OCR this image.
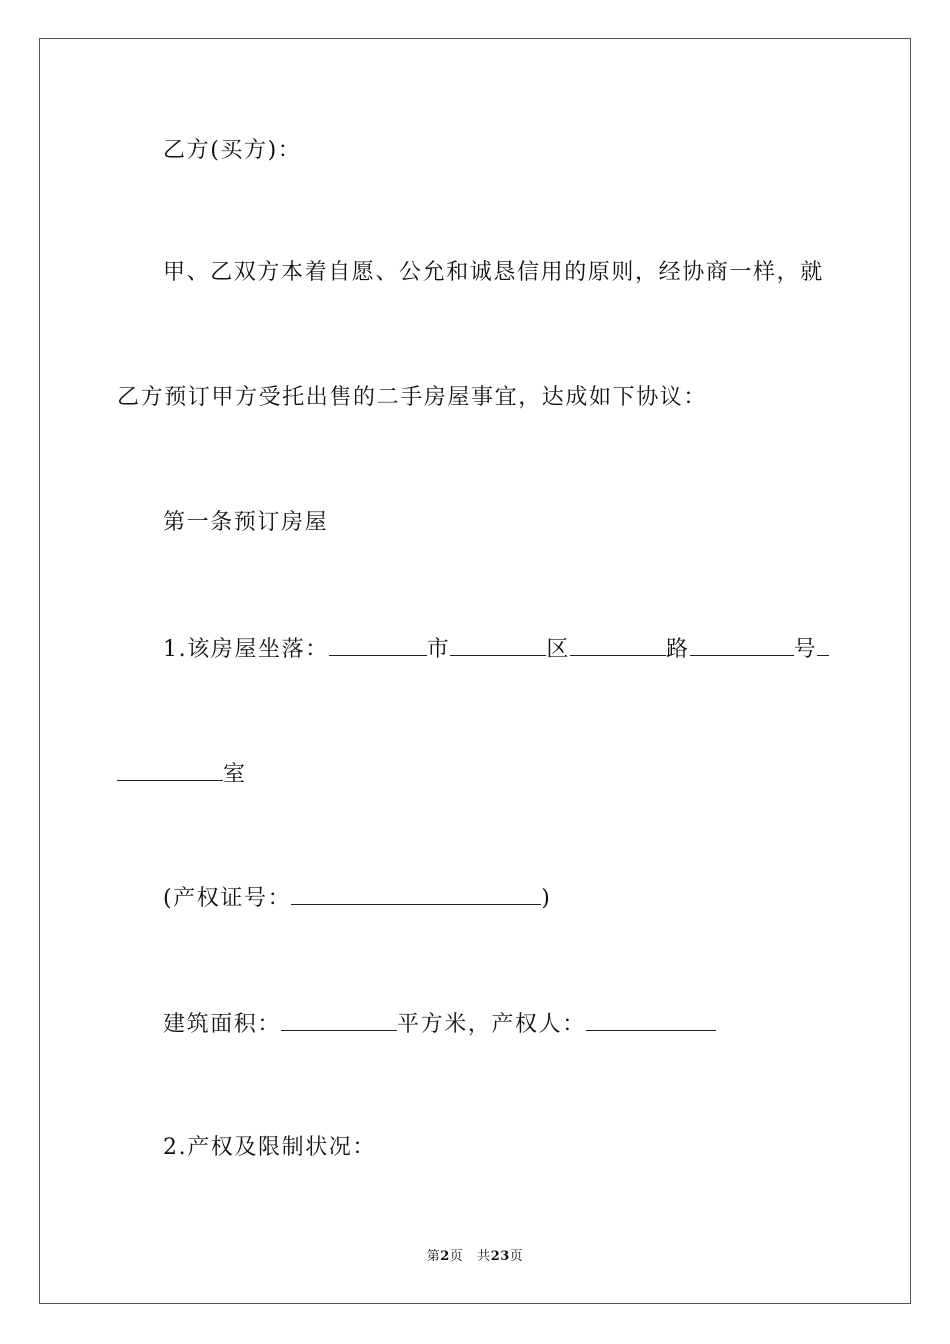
乙方(买方)：
甲、乙双方本着自愿、公允和诚恳信用的原则，经协商一样，就
乙方预订甲方受托出售的二手房屋事宜，达成如下协议：
第一条预订房屋
1.该房屋坐落：	市	区	路	号
室
(产权证号：	)
建筑面积：	平方米，产权人：
2.产权及限制状况：
第2页 共23页
